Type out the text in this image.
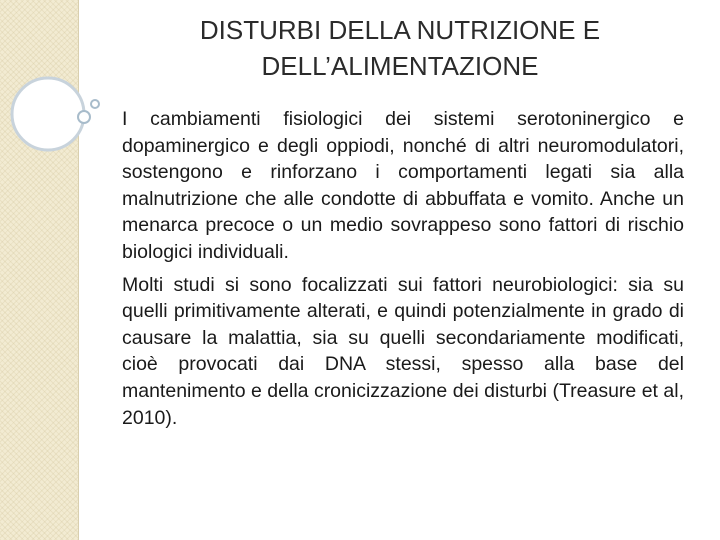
DISTURBI DELLA NUTRIZIONE E
DELL’ALIMENTAZIONE

I cambiamenti fisiologici dei sistemi serotoninergico e dopaminergico e degli oppiodi, nonché di altri neuromodulatori, sostengono e rinforzano i comportamenti legati sia alla malnutrizione che alle condotte di abbuffata e vomito. Anche un menarca precoce o un medio sovrappeso sono fattori di rischio biologici individuali.

Molti studi si sono focalizzati sui fattori neurobiologici: sia su quelli primitivamente alterati, e quindi potenzialmente in grado di causare la malattia, sia su quelli secondariamente modificati, cioè provocati dai DNA stessi, spesso alla base del mantenimento e della cronicizzazione dei disturbi (Treasure et al, 2010).
